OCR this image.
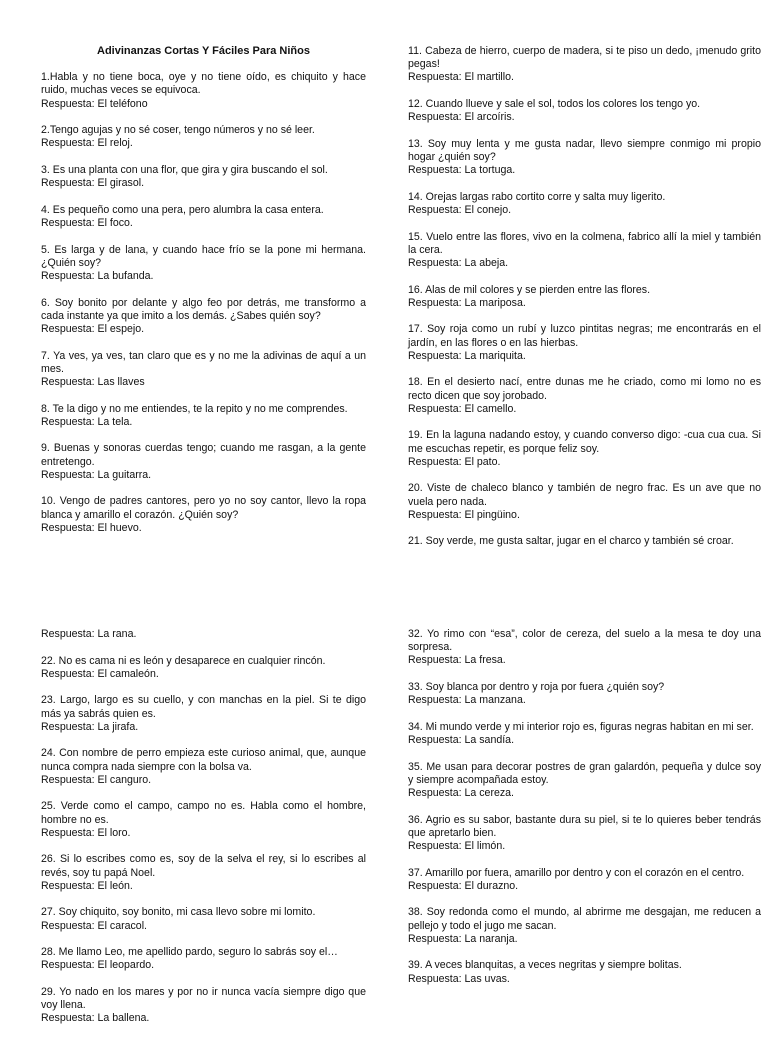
Adivinanzas Cortas Y Fáciles Para Niños
1.Habla y no tiene boca, oye y no tiene oído, es chiquito y hace ruido, muchas veces se equivoca.
Respuesta: El teléfono
2.Tengo agujas y no sé coser, tengo números y no sé leer.
Respuesta: El reloj.
3. Es una planta con una flor, que gira y gira buscando el sol.
Respuesta: El girasol.
4. Es pequeño como una pera, pero alumbra la casa entera.
Respuesta: El foco.
5. Es larga y de lana, y cuando hace frío se la pone mi hermana. ¿Quién soy?
Respuesta: La bufanda.
6. Soy bonito por delante y algo feo por detrás, me transformo a cada instante ya que imito a los demás. ¿Sabes quién soy?
Respuesta: El espejo.
7. Ya ves, ya ves, tan claro que es y no me la adivinas de aquí a un mes.
Respuesta: Las llaves
8. Te la digo y no me entiendes, te la repito y no me comprendes.
Respuesta: La tela.
9. Buenas y sonoras cuerdas tengo; cuando me rasgan, a la gente entretengo.
Respuesta: La guitarra.
10. Vengo de padres cantores, pero yo no soy cantor, llevo la ropa blanca y amarillo el corazón. ¿Quién soy?
Respuesta: El huevo.
11. Cabeza de hierro, cuerpo de madera, si te piso un dedo, ¡menudo grito pegas!
Respuesta: El martillo.
12. Cuando llueve y sale el sol, todos los colores los tengo yo.
Respuesta: El arcoíris.
13. Soy muy lenta y me gusta nadar, llevo siempre conmigo mi propio hogar ¿quién soy?
Respuesta: La tortuga.
14. Orejas largas rabo cortito corre y salta muy ligerito.
Respuesta: El conejo.
15. Vuelo entre las flores, vivo en la colmena, fabrico allí la miel y también la cera.
Respuesta: La abeja.
16. Alas de mil colores y se pierden entre las flores.
Respuesta: La mariposa.
17. Soy roja como un rubí y luzco pintitas negras; me encontrarás en el jardín, en las flores o en las hierbas.
Respuesta: La mariquita.
18. En el desierto nací, entre dunas me he criado, como mi lomo no es recto dicen que soy jorobado.
Respuesta: El camello.
19. En la laguna nadando estoy, y cuando converso digo: -cua cua cua. Si me escuchas repetir, es porque feliz soy.
Respuesta: El pato.
20. Viste de chaleco blanco y también de negro frac. Es un ave que no vuela pero nada.
Respuesta: El pingüino.
21. Soy verde, me gusta saltar, jugar en el charco y también sé croar.
Respuesta: La rana.
22. No es cama ni es león y desaparece en cualquier rincón.
Respuesta: El camaleón.
23. Largo, largo es su cuello, y con manchas en la piel. Si te digo más ya sabrás quien es.
Respuesta: La jirafa.
24. Con nombre de perro empieza este curioso animal, que, aunque nunca compra nada siempre con la bolsa va.
Respuesta: El canguro.
25. Verde como el campo, campo no es. Habla como el hombre, hombre no es.
Respuesta: El loro.
26. Si lo escribes como es, soy de la selva el rey, si lo escribes al revés, soy tu papá Noel.
Respuesta: El león.
27. Soy chiquito, soy bonito, mi casa llevo sobre mi lomito.
Respuesta: El caracol.
28. Me llamo Leo, me apellido pardo, seguro lo sabrás soy el…
Respuesta: El leopardo.
29. Yo nado en los mares y por no ir nunca vacía siempre digo que voy llena.
Respuesta: La ballena.
32. Yo rimo con “esa”, color de cereza, del suelo a la mesa te doy una sorpresa.
Respuesta: La fresa.
33. Soy blanca por dentro y roja por fuera ¿quién soy?
Respuesta: La manzana.
34. Mi mundo verde y mi interior rojo es, figuras negras habitan en mi ser.
Respuesta: La sandía.
35. Me usan para decorar postres de gran galardón, pequeña y dulce soy y siempre acompañada estoy.
Respuesta: La cereza.
36. Agrio es su sabor, bastante dura su piel, si te lo quieres beber tendrás que apretarlo bien.
Respuesta: El limón.
37. Amarillo por fuera, amarillo por dentro y con el corazón en el centro.
Respuesta: El durazno.
38. Soy redonda como el mundo, al abrirme me desgajan, me reducen a pellejo y todo el jugo me sacan.
Respuesta: La naranja.
39. A veces blanquitas, a veces negritas y siempre bolitas.
Respuesta: Las uvas.
